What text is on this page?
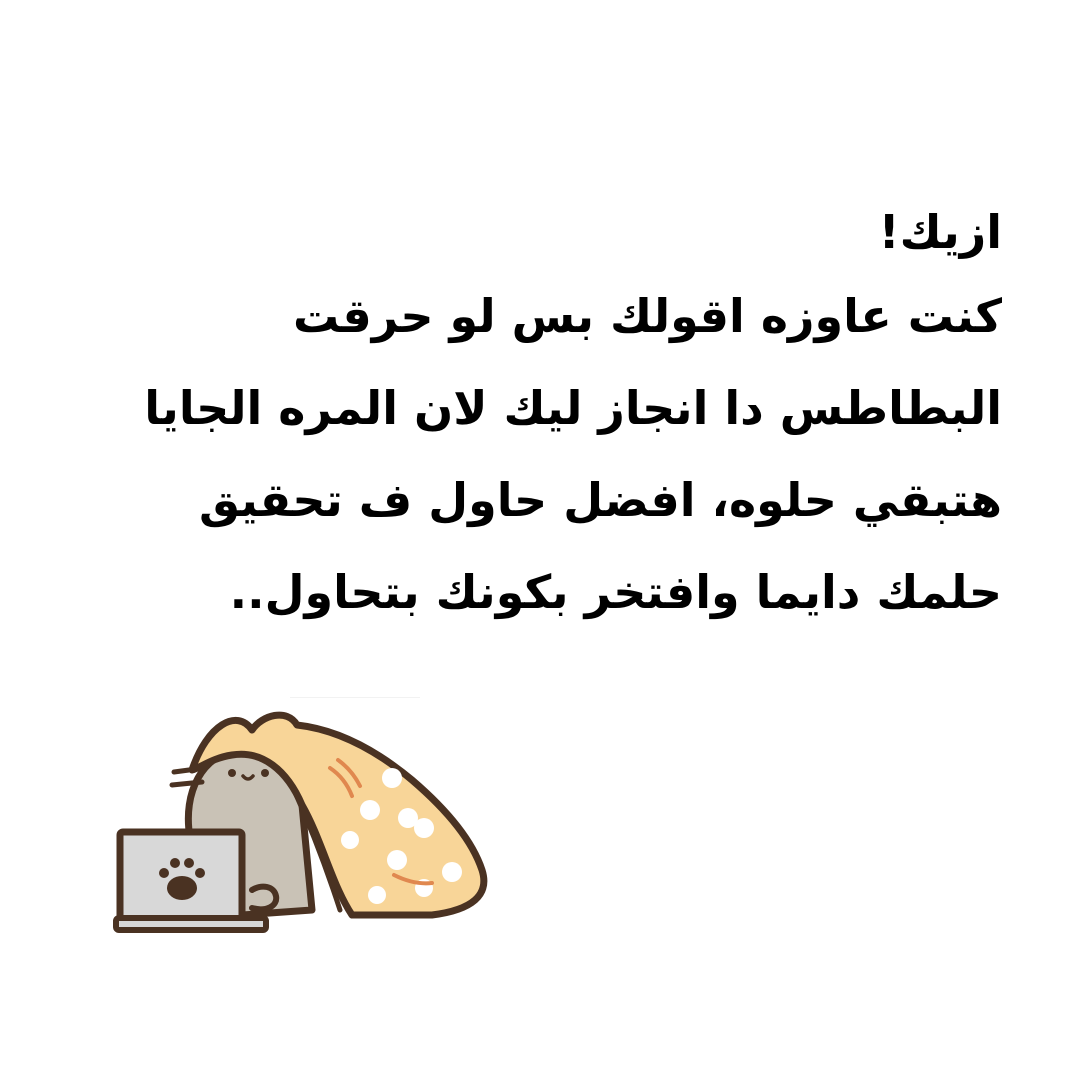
ازيك!
كنت عاوزه اقولك بس لو حرقت
البطاطس دا انجاز ليك لان المره الجايا
هتبقي حلوه، افضل حاول ف تحقيق
حلمك دايما وافتخر بكونك بتحاول..
